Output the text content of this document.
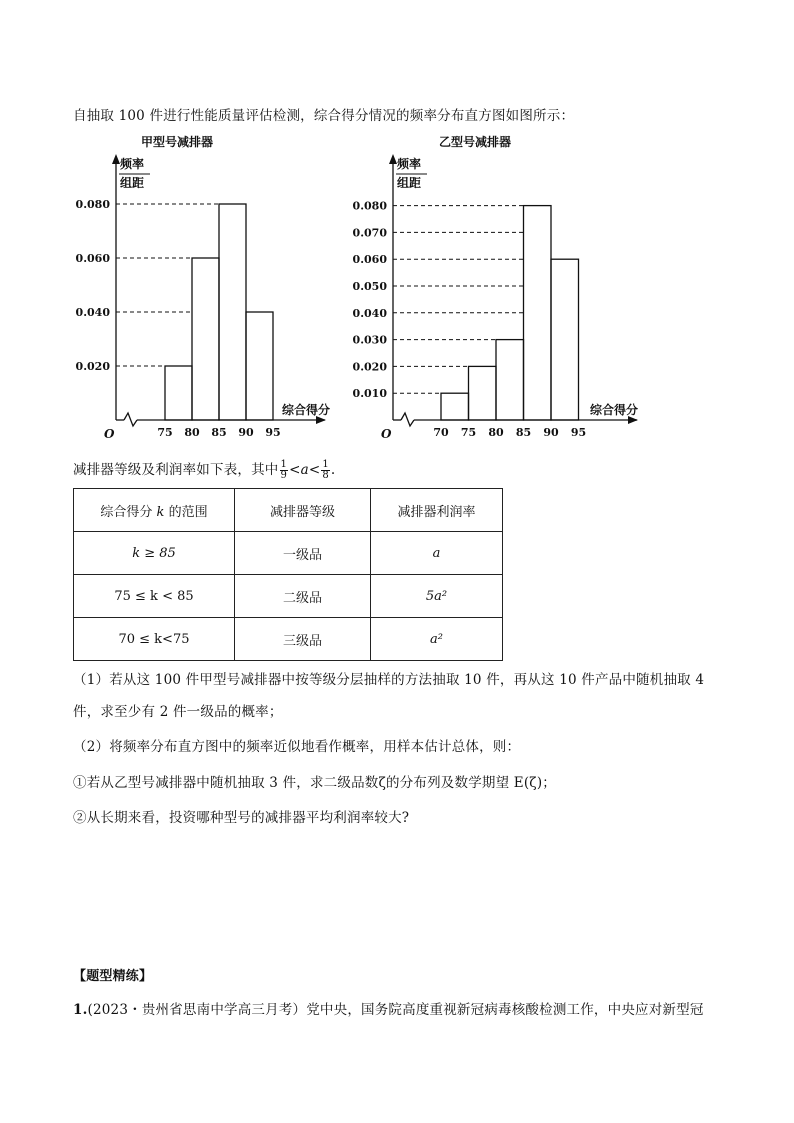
自抽取 100 件进行性能质量评估检测，综合得分情况的频率分布直方图如图所示：
甲型号减排器
频率
组距
O
综合得分
0.020
0.040
0.060
0.080
75 80 85 90 95
乙型号减排器
频率
组距
O
综合得分
0.010
0.020
0.030
0.040
0.050
0.060
0.070
0.080
70 75 80 85 90 95
减排器等级及利润率如下表，其中 $\frac{1}{9} <a< \frac{1}{8}$ .
综合得分 k 的范围	减排器等级	减排器利润率
k ≥ 85	一级品	a
75 ≤ k < 85	二级品	5a²
70 ≤ k<75	三级品	a²
（1）若从这 100 件甲型号减排器中按等级分层抽样的方法抽取 10 件，再从这 10 件产品中随机抽取 4
件，求至少有 2 件一级品的概率；
（2）将频率分布直方图中的频率近似地看作概率，用样本估计总体，则：
①若从乙型号减排器中随机抽取 3 件，求二级品数ζ的分布列及数学期望 E(ζ)；
②从长期来看，投资哪种型号的减排器平均利润率较大?
【题型精练】
1.(2023・贵州省思南中学高三月考）党中央，国务院高度重视新冠病毒核酸检测工作，中央应对新型冠
